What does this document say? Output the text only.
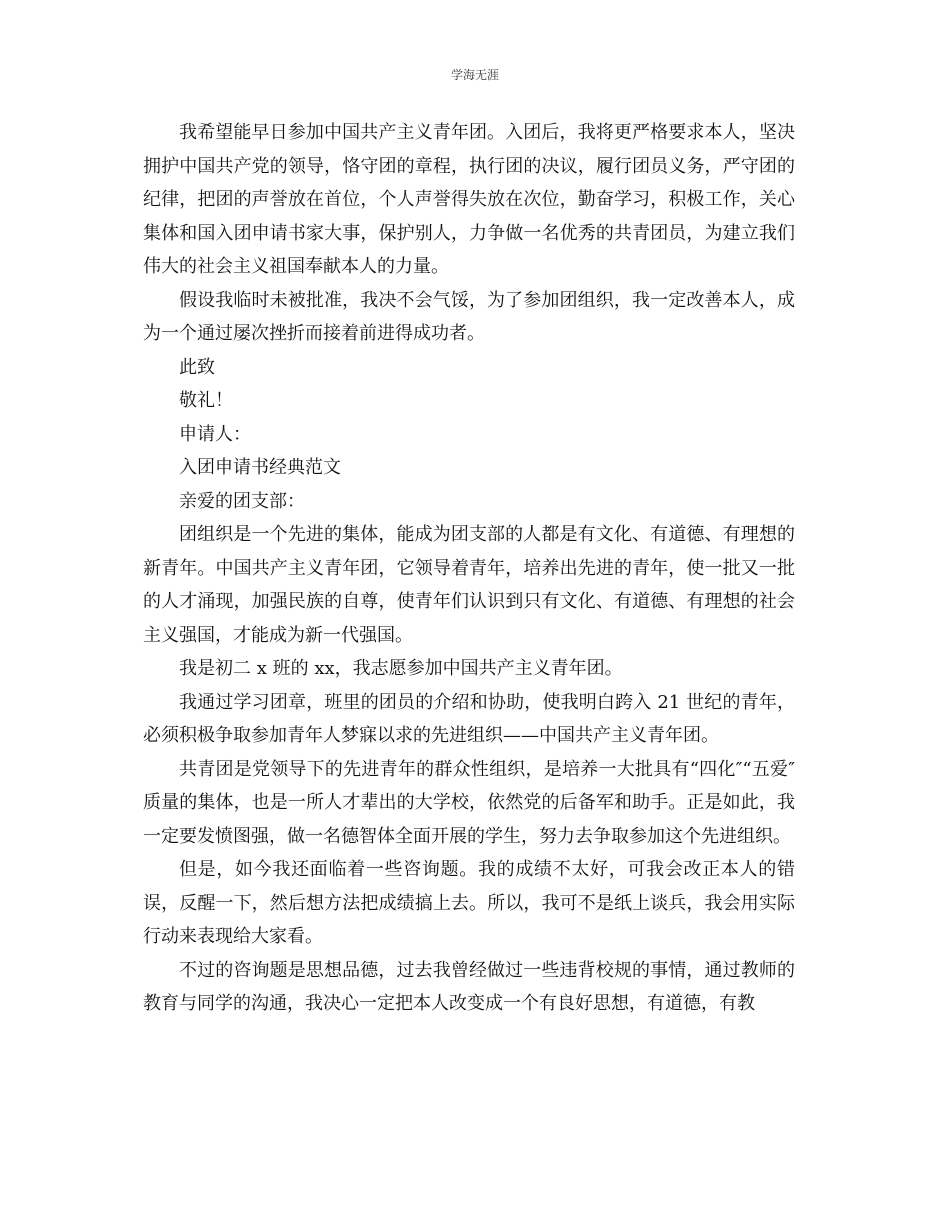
学海无涯

我希望能早日参加中国共产主义青年团。入团后，我将更严格要求本人，坚决拥护中国共产党的领导，恪守团的章程，执行团的决议，履行团员义务，严守团的纪律，把团的声誉放在首位，个人声誉得失放在次位，勤奋学习，积极工作，关心集体和国入团申请书家大事，保护别人，力争做一名优秀的共青团员，为建立我们伟大的社会主义祖国奉献本人的力量。

假设我临时未被批准，我决不会气馁，为了参加团组织，我一定改善本人，成为一个通过屡次挫折而接着前进得成功者。

此致

敬礼！

申请人：

入团申请书经典范文

亲爱的团支部：

团组织是一个先进的集体，能成为团支部的人都是有文化、有道德、有理想的新青年。中国共产主义青年团，它领导着青年，培养出先进的青年，使一批又一批的人才涌现，加强民族的自尊，使青年们认识到只有文化、有道德、有理想的社会主义强国，才能成为新一代强国。

我是初二 x 班的 xx，我志愿参加中国共产主义青年团。

我通过学习团章，班里的团员的介绍和协助，使我明白跨入 21 世纪的青年，必须积极争取参加青年人梦寐以求的先进组织——中国共产主义青年团。

共青团是党领导下的先进青年的群众性组织，是培养一大批具有“四化″“五爱″质量的集体，也是一所人才辈出的大学校，依然党的后备军和助手。正是如此，我一定要发愤图强，做一名德智体全面开展的学生，努力去争取参加这个先进组织。

但是，如今我还面临着一些咨询题。我的成绩不太好，可我会改正本人的错误，反醒一下，然后想方法把成绩搞上去。所以，我可不是纸上谈兵，我会用实际行动来表现给大家看。

不过的咨询题是思想品德，过去我曾经做过一些违背校规的事情，通过教师的教育与同学的沟通，我决心一定把本人改变成一个有良好思想，有道德，有教
